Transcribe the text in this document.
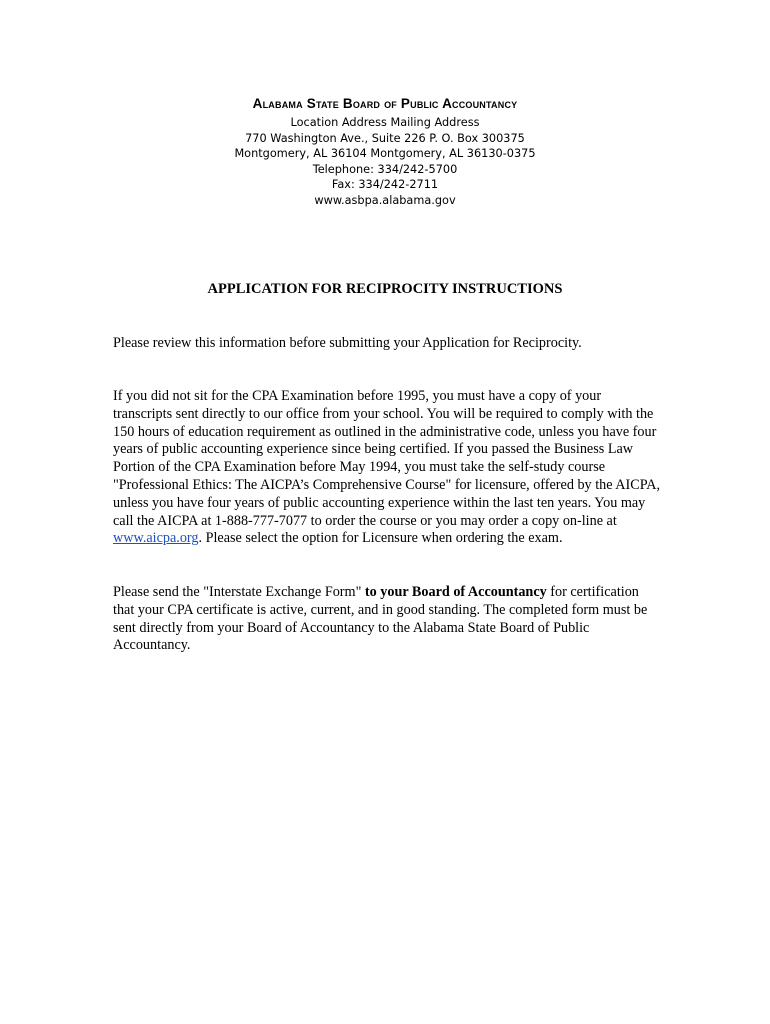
Alabama State Board of Public Accountancy

Location Address Mailing Address

770 Washington Ave., Suite 226 P. O. Box 300375

Montgomery, AL 36104 Montgomery, AL 36130-0375

Telephone: 334/242-5700

Fax: 334/242-2711

www.asbpa.alabama.gov

APPLICATION FOR RECIPROCITY INSTRUCTIONS

Please review this information before submitting your Application for Reciprocity.

If you did not sit for the CPA Examination before 1995, you must have a copy of your transcripts sent directly to our office from your school. You will be required to comply with the 150 hours of education requirement as outlined in the administrative code, unless you have four years of public accounting experience since being certified. If you passed the Business Law Portion of the CPA Examination before May 1994, you must take the self-study course "Professional Ethics: The AICPA’s Comprehensive Course" for licensure, offered by the AICPA, unless you have four years of public accounting experience within the last ten years. You may call the AICPA at 1-888-777-7077 to order the course or you may order a copy on-line at www.aicpa.org. Please select the option for Licensure when ordering the exam.

Please send the "Interstate Exchange Form" to your Board of Accountancy for certification that your CPA certificate is active, current, and in good standing. The completed form must be sent directly from your Board of Accountancy to the Alabama State Board of Public Accountancy.
